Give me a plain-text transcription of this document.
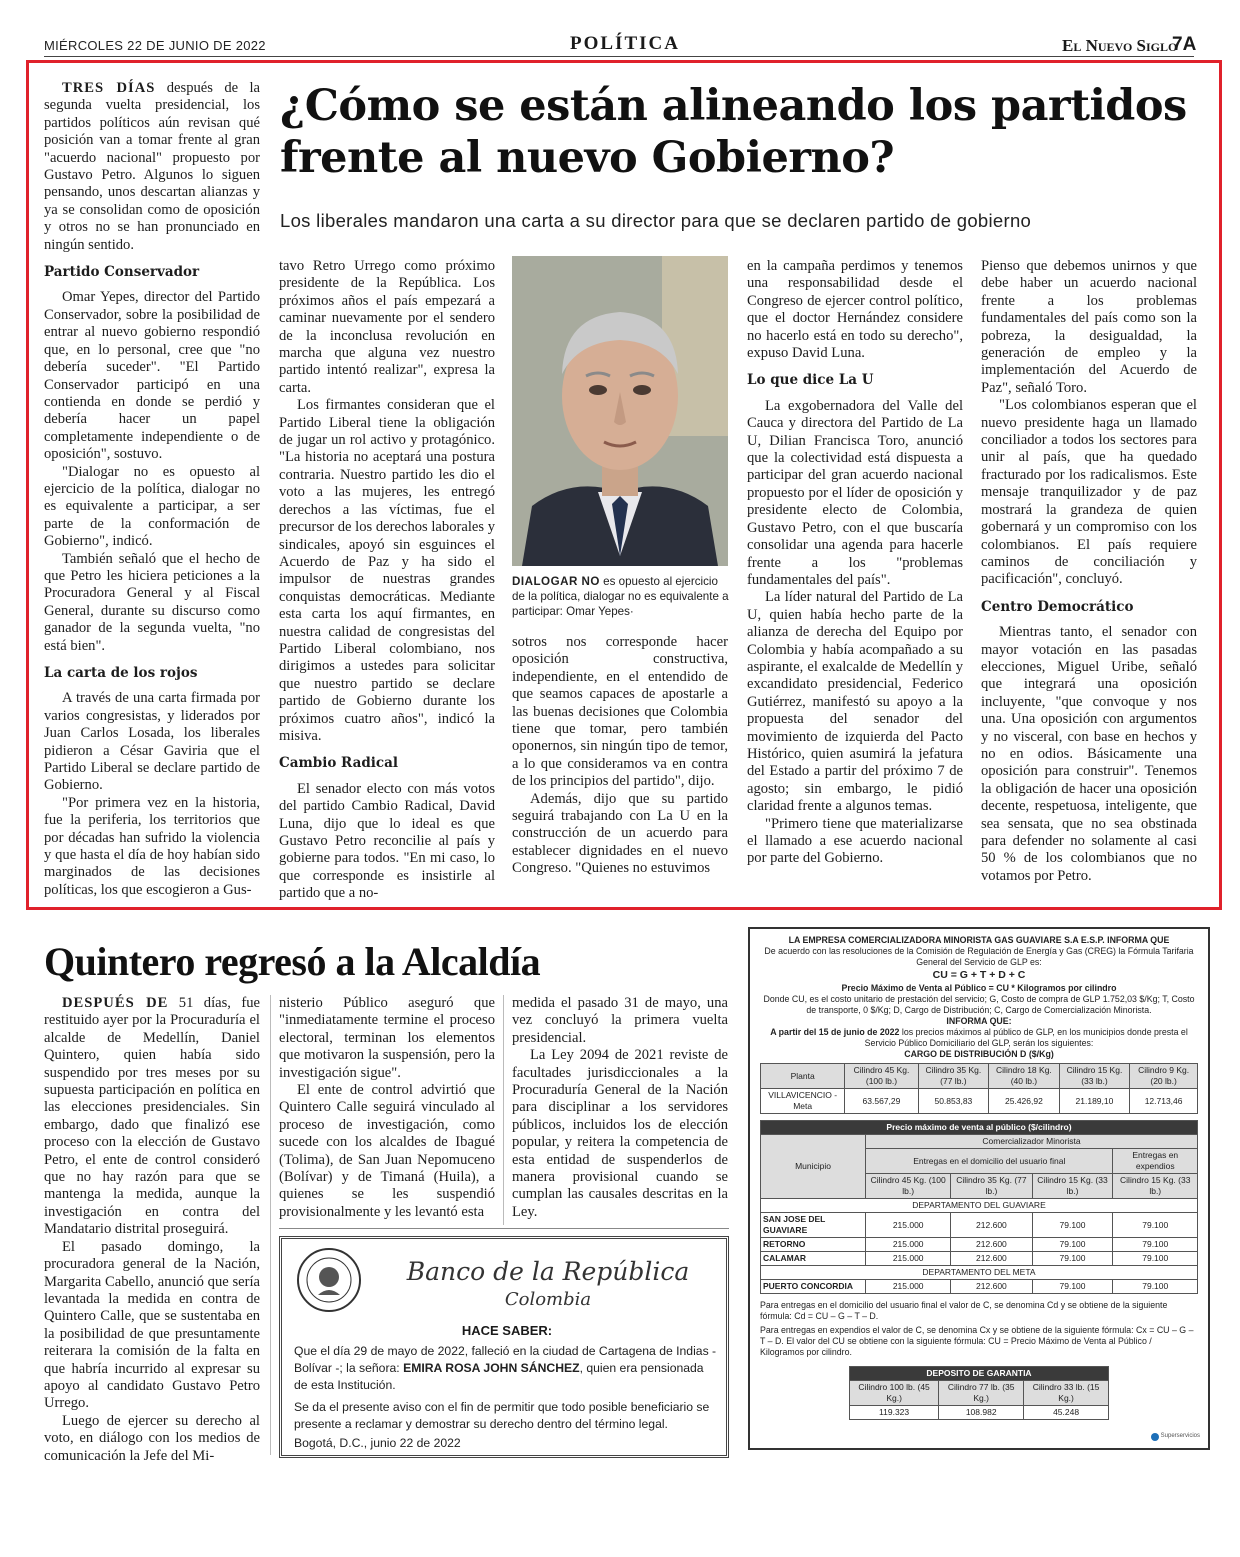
MIÉRCOLES 22 DE JUNIO DE 2022	POLÍTICA	El Nuevo Siglo
7A
¿Cómo se están alineando los partidos frente al nuevo Gobierno?
Los liberales mandaron una carta a su director para que se declaren partido de gobierno

TRES DÍAS después de la segunda vuelta presidencial, los partidos políticos aún revisan qué posición van a tomar frente al gran "acuerdo nacional" propuesto por Gustavo Petro. Algunos lo siguen pensando, unos descartan alianzas y ya se consolidan como de oposición y otros no se han pronunciado en ningún sentido.

Partido Conservador

Omar Yepes, director del Partido Conservador, sobre la posibilidad de entrar al nuevo gobierno respondió que, en lo personal, cree que "no debería suceder". "El Partido Conservador participó en una contienda en donde se perdió y debería hacer un papel completamente independiente o de oposición", sostuvo.

"Dialogar no es opuesto al ejercicio de la política, dialogar no es equivalente a participar, a ser parte de la conformación de Gobierno", indicó.

También señaló que el hecho de que Petro les hiciera peticiones a la Procuradora General y al Fiscal General, durante su discurso como ganador de la segunda vuelta, "no está bien".

La carta de los rojos

A través de una carta firmada por varios congresistas, y liderados por Juan Carlos Losada, los liberales pidieron a César Gaviria que el Partido Liberal se declare partido de Gobierno.

"Por primera vez en la historia, fue la periferia, los territorios que por décadas han sufrido la violencia y que hasta el día de hoy habían sido marginados de las decisiones políticas, los que escogieron a Gus-

tavo Retro Urrego como próximo presidente de la República. Los próximos años el país empezará a caminar nuevamente por el sendero de la inconclusa revolución en marcha que alguna vez nuestro partido intentó realizar", expresa la carta.

Los firmantes consideran que el Partido Liberal tiene la obligación de jugar un rol activo y protagónico. "La historia no aceptará una postura contraria. Nuestro partido les dio el voto a las mujeres, les entregó derechos a las víctimas, fue el precursor de los derechos laborales y sindicales, apoyó sin esguinces el Acuerdo de Paz y ha sido el impulsor de nuestras grandes conquistas democráticas. Mediante esta carta los aquí firmantes, en nuestra calidad de congresistas del Partido Liberal colombiano, nos dirigimos a ustedes para solicitar que nuestro partido se declare partido de Gobierno durante los próximos cuatro años", indicó la misiva.

Cambio Radical

El senador electo con más votos del partido Cambio Radical, David Luna, dijo que lo ideal es que Gustavo Petro reconcilie al país y gobierne para todos. "En mi caso, lo que corresponde es insistirle al partido que a no-

DIALOGAR NO es opuesto al ejercicio de la política, dialogar no es equivalente a participar: Omar Yepes·

sotros nos corresponde hacer oposición constructiva, independiente, en el entendido de que seamos capaces de apostarle a las buenas decisiones que Colombia tiene que tomar, pero también oponernos, sin ningún tipo de temor, a lo que consideramos va en contra de los principios del partido", dijo.

Además, dijo que su partido seguirá trabajando con La U en la construcción de un acuerdo para establecer dignidades en el nuevo Congreso. "Quienes no estuvimos

en la campaña perdimos y tenemos una responsabilidad desde el Congreso de ejercer control político, que el doctor Hernández considere no hacerlo está en todo su derecho", expuso David Luna.

Lo que dice La U

La exgobernadora del Valle del Cauca y directora del Partido de La U, Dilian Francisca Toro, anunció que la colectividad está dispuesta a participar del gran acuerdo nacional propuesto por el líder de oposición y presidente electo de Colombia, Gustavo Petro, con el que buscaría consolidar una agenda para hacerle frente a los "problemas fundamentales del país".

La líder natural del Partido de La U, quien había hecho parte de la alianza de derecha del Equipo por Colombia y había acompañado a su aspirante, el exalcalde de Medellín y excandidato presidencial, Federico Gutiérrez, manifestó su apoyo a la propuesta del senador del movimiento de izquierda del Pacto Histórico, quien asumirá la jefatura del Estado a partir del próximo 7 de agosto; sin embargo, le pidió claridad frente a algunos temas.

"Primero tiene que materializarse el llamado a ese acuerdo nacional por parte del Gobierno.

Pienso que debemos unirnos y que debe haber un acuerdo nacional frente a los problemas fundamentales del país como son la pobreza, la desigualdad, la generación de empleo y la implementación del Acuerdo de Paz", señaló Toro.

"Los colombianos esperan que el nuevo presidente haga un llamado conciliador a todos los sectores para unir al país, que ha quedado fracturado por los radicalismos. Este mensaje tranquilizador y de paz mostrará la grandeza de quien gobernará y un compromiso con los colombianos. El país requiere caminos de conciliación y pacificación", concluyó.

Centro Democrático

Mientras tanto, el senador con mayor votación en las pasadas elecciones, Miguel Uribe, señaló que integrará una oposición incluyente, "que convoque y nos una. Una oposición con argumentos y no visceral, con base en hechos y no en odios. Básicamente una oposición para construir". Tenemos la obligación de hacer una oposición decente, respetuosa, inteligente, que sea sensata, que no sea obstinada para defender no solamente al casi 50 % de los colombianos que no votamos por Petro.

Quintero regresó a la Alcaldía

DESPUÉS DE 51 días, fue restituido ayer por la Procuraduría el alcalde de Medellín, Daniel Quintero, quien había sido suspendido por tres meses por su supuesta participación en política en las elecciones presidenciales. Sin embargo, dado que finalizó ese proceso con la elección de Gustavo Petro, el ente de control consideró que no hay razón para que se mantenga la medida, aunque la investigación en contra del Mandatario distrital proseguirá.

El pasado domingo, la procuradora general de la Nación, Margarita Cabello, anunció que sería levantada la medida en contra de Quintero Calle, que se sustentaba en la posibilidad de que presuntamente reiterara la comisión de la falta en que habría incurrido al expresar su apoyo al candidato Gustavo Petro Urrego.

Luego de ejercer su derecho al voto, en diálogo con los medios de comunicación la Jefe del Mi-

nisterio Público aseguró que "inmediatamente termine el proceso electoral, terminan los elementos que motivaron la suspensión, pero la investigación sigue".

El ente de control advirtió que Quintero Calle seguirá vinculado al proceso de investigación, como sucede con los alcaldes de Ibagué (Tolima), de San Juan Nepomuceno (Bolívar) y de Timaná (Huila), a quienes se les suspendió provisionalmente y les levantó esta

medida el pasado 31 de mayo, una vez concluyó la primera vuelta presidencial.

La Ley 2094 de 2021 reviste de facultades jurisdiccionales a la Procuraduría General de la Nación para disciplinar a los servidores públicos, incluidos los de elección popular, y reitera la competencia de esta entidad de suspenderlos de manera provisional cuando se cumplan las causales descritas en la Ley.

Banco de la República
Colombia
HACE SABER:
Que el día 29 de mayo de 2022, falleció en la ciudad de Cartagena de Indias - Bolívar -; la señora: EMIRA ROSA JOHN SÁNCHEZ, quien era pensionada de esta Institución.
Se da el presente aviso con el fin de permitir que todo posible beneficiario se presente a reclamar y demostrar su derecho dentro del término legal.
Bogotá, D.C., junio 22 de 2022
LA EMPRESA COMERCIALIZADORA MINORISTA GAS GUAVIARE S.A E.S.P. INFORMA QUE
De acuerdo con las resoluciones de la Comisión de Regulación de Energía y Gas (CREG) la Fórmula Tarifaria General del Servicio de GLP es:
CU = G + T + D + C
Precio Máximo de Venta al Público = CU * Kilogramos por cilindro
Donde CU, es el costo unitario de prestación del servicio; G, Costo de compra de GLP 1.752,03 $/Kg; T, Costo de transporte, 0 $/Kg; D, Cargo de Distribución; C, Cargo de Comercialización Minorista.
INFORMA QUE:
A partir del 15 de junio de 2022 los precios máximos al público de GLP, en los municipios donde presta el Servicio Público Domiciliario del GLP, serán los siguientes:
CARGO DE DISTRIBUCIÓN D ($/Kg)
Planta	Cilindro 45 Kg. (100 lb.)	Cilindro 35 Kg. (77 lb.)	Cilindro 18 Kg. (40 lb.)	Cilindro 15 Kg. (33 lb.)	Cilindro 9 Kg. (20 lb.)
VILLAVICENCIO - Meta	63.567,29	50.853,83	25.426,92	21.189,10	12.713,46
Precio máximo de venta al público ($/cilindro)				
Municipio	Comercializador Minorista			
	Entregas en el domicilio del usuario final			Entregas en expendios
	Cilindro 45 Kg. (100 lb.)	Cilindro 35 Kg. (77 lb.)	Cilindro 15 Kg. (33 lb.)	Cilindro 15 Kg. (33 lb.)
DEPARTAMENTO DEL GUAVIARE				
SAN JOSE DEL GUAVIARE	215.000	212.600	79.100	79.100
RETORNO	215.000	212.600	79.100	79.100
CALAMAR	215.000	212.600	79.100	79.100
DEPARTAMENTO DEL META				
PUERTO CONCORDIA	215.000	212.600	79.100	79.100
Para entregas en el domicilio del usuario final el valor de C, se denomina Cd y se obtiene de la siguiente fórmula: Cd = CU – G – T – D.
Para entregas en expendios el valor de C, se denomina Cx y se obtiene de la siguiente fórmula: Cx = CU – G – T – D. El valor del CU se obtiene con la siguiente fórmula: CU = Precio Máximo de Venta al Público / Kilogramos por cilindro.
DEPOSITO DE GARANTIA		
Cilindro 100 lb. (45 Kg.)	Cilindro 77 lb. (35 Kg.)	Cilindro 33 lb. (15 Kg.)
119.323	108.982	45.248
Superservicios
